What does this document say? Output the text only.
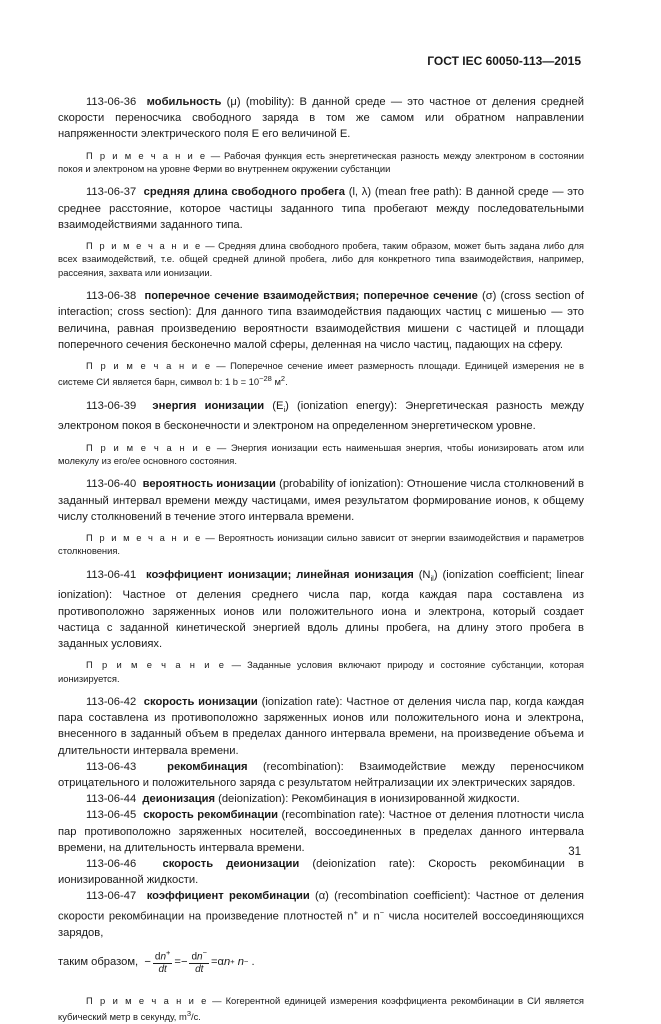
ГОСТ IEC 60050-113—2015

113-06-36 мобильность (μ) (mobility): В данной среде — это частное от деления средней скорости переносчика свободного заряда в том же самом или обратном направлении напряженности электрического поля E его величиной E.

П р и м е ч а н и е — Рабочая функция есть энергетическая разность между электроном в состоянии покоя и электроном на уровне Ферми во внутреннем окружении субстанции

113-06-37 средняя длина свободного пробега (l, λ) (mean free path): В данной среде — это среднее расстояние, которое частицы заданного типа пробегают между последовательными взаимодействиями заданного типа.

П р и м е ч а н и е — Средняя длина свободного пробега, таким образом, может быть задана либо для всех взаимодействий, т.е. общей средней длиной пробега, либо для конкретного типа взаимодействия, например, рассеяния, захвата или ионизации.

113-06-38 поперечное сечение взаимодействия; поперечное сечение (σ) (cross section of interaction; cross section): Для данного типа взаимодействия падающих частиц с мишенью — это величина, равная произведению вероятности взаимодействия мишени с частицей и площади поперечного сечения бесконечно малой сферы, деленная на число частиц, падающих на сферу.

П р и м е ч а н и е — Поперечное сечение имеет размерность площади. Единицей измерения не в системе СИ является барн, символ b: 1 $b = 10^{-28}$ $м^2$.

113-06-39 энергия ионизации $(E_i)$ (ionization energy): Энергетическая разность между электроном покоя в бесконечности и электроном на определенном энергетическом уровне.

П р и м е ч а н и е — Энергия ионизации есть наименьшая энергия, чтобы ионизировать атом или молекулу из его/ее основного состояния.

113-06-40 вероятность ионизации (probability of ionization): Отношение числа столкновений в заданный интервал времени между частицами, имея результатом формирование ионов, к общему числу столкновений в течение этого интервала времени.

П р и м е ч а н и е — Вероятность ионизации сильно зависит от энергии взаимодействия и параметров столкновения.

113-06-41 коэффициент ионизации; линейная ионизация $(N_{il})$ (ionization coefficient; linear ionization): Частное от деления среднего числа пар, когда каждая пара составлена из противоположно заряженных ионов или положительного иона и электрона, который создает частица с заданной кинетической энергией вдоль длины пробега, на длину этого пробега в заданных условиях.

П р и м е ч а н и е — Заданные условия включают природу и состояние субстанции, которая ионизируется.

113-06-42 скорость ионизации (ionization rate): Частное от деления числа пар, когда каждая пара составлена из противоположно заряженных ионов или положительного иона и электрона, внесенного в заданный объем в пределах данного интервала времени, на произведение объема и длительности интервала времени.

113-06-43	рекомбинация (recombination): Взаимодействие между переносчиком отрицательного и положительного заряда с результатом нейтрализации их электрических зарядов.

113-06-44 деионизация (deionization): Рекомбинация в ионизированной жидкости.

113-06-45 скорость рекомбинации (recombination rate): Частное от деления плотности числа пар противоположно заряженных носителей, воссоединенных в пределах данного интервала времени, на длительность интервала времени.

113-06-46 скорость деионизации (deionization rate): Скорость рекомбинации в ионизированной жидкости.

113-06-47 коэффициент рекомбинации (α) (recombination coefficient): Частное от деления скорости рекомбинации на произведение плотностей n+ и n− числа носителей воссоединяющихся зарядов,

таким образом, − $\frac{dn^+}{dt} =- \frac{dn^-}{dt} =\alpha$ n +
n − .

П р и м е ч а н и е — Когерентной единицей измерения коэффициента рекомбинации в СИ является кубический метр в секунду, $m^3/с$.

31
